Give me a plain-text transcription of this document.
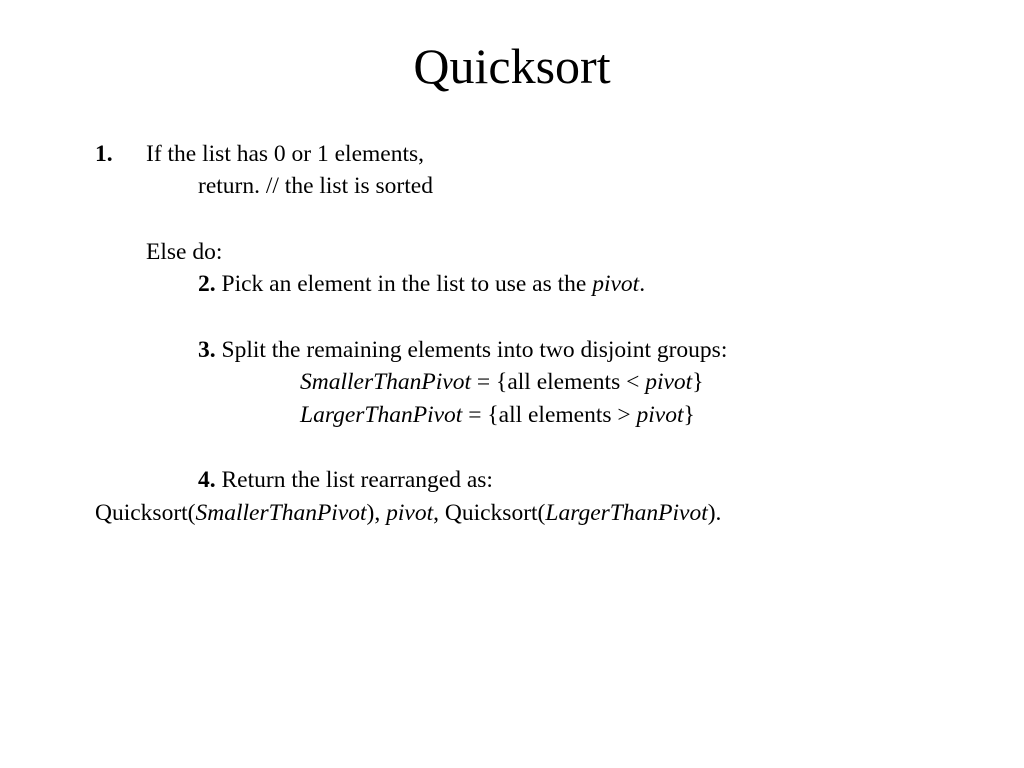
Quicksort

1. If the list has 0 or 1 elements,

return. // the list is sorted

Else do:

2. Pick an element in the list to use as the pivot.

3. Split the remaining elements into two disjoint groups:

SmallerThanPivot = {all elements < pivot}

LargerThanPivot = {all elements > pivot}

4. Return the list rearranged as:

Quicksort(SmallerThanPivot), pivot, Quicksort(LargerThanPivot).
